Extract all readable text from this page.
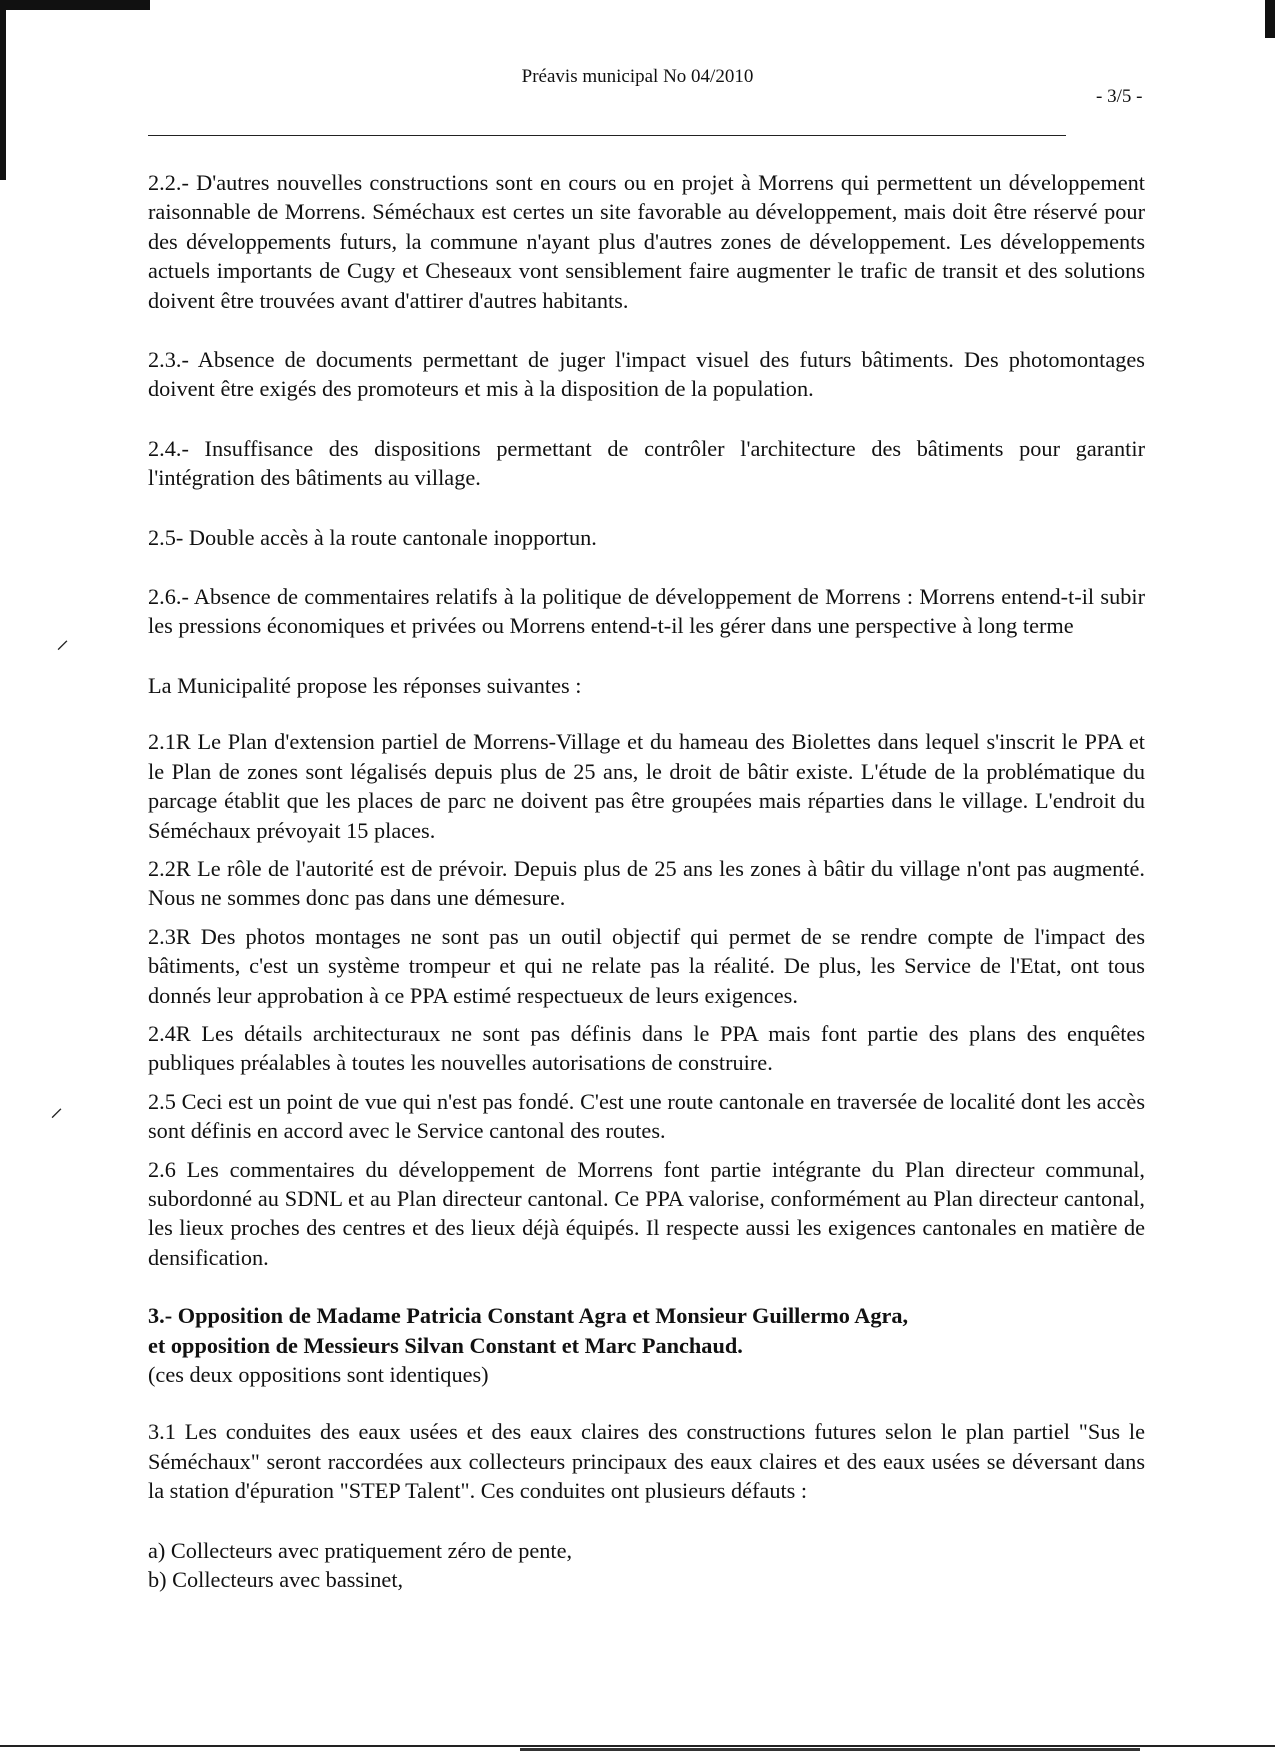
Préavis municipal No 04/2010
- 3/5 -
⸝
⸝

2.2.- D'autres nouvelles constructions sont en cours ou en projet à Morrens qui permettent un développement raisonnable de Morrens. Séméchaux est certes un site favorable au développement, mais doit être réservé pour des développements futurs, la commune n'ayant plus d'autres zones de développement. Les développements actuels importants de Cugy et Cheseaux vont sensiblement faire augmenter le trafic de transit et des solutions doivent être trouvées avant d'attirer d'autres habitants.

2.3.- Absence de documents permettant de juger l'impact visuel des futurs bâtiments. Des photomontages doivent être exigés des promoteurs et mis à la disposition de la population.

2.4.- Insuffisance des dispositions permettant de contrôler l'architecture des bâtiments pour garantir l'intégration des bâtiments au village.

2.5- Double accès à la route cantonale inopportun.

2.6.- Absence de commentaires relatifs à la politique de développement de Morrens : Morrens entend-t-il subir les pressions économiques et privées ou Morrens entend-t-il les gérer dans une perspective à long terme

La Municipalité propose les réponses suivantes :

2.1R Le Plan d'extension partiel de Morrens-Village et du hameau des Biolettes dans lequel s'inscrit le PPA et le Plan de zones sont légalisés depuis plus de 25 ans, le droit de bâtir existe. L'étude de la problématique du parcage établit que les places de parc ne doivent pas être groupées mais réparties dans le village. L'endroit du Séméchaux prévoyait 15 places.

2.2R Le rôle de l'autorité est de prévoir. Depuis plus de 25 ans les zones à bâtir du village n'ont pas augmenté. Nous ne sommes donc pas dans une démesure.

2.3R Des photos montages ne sont pas un outil objectif qui permet de se rendre compte de l'impact des bâtiments, c'est un système trompeur et qui ne relate pas la réalité. De plus, les Service de l'Etat, ont tous donnés leur approbation à ce PPA estimé respectueux de leurs exigences.

2.4R Les détails architecturaux ne sont pas définis dans le PPA mais font partie des plans des enquêtes publiques préalables à toutes les nouvelles autorisations de construire.

2.5 Ceci est un point de vue qui n'est pas fondé. C'est une route cantonale en traversée de localité dont les accès sont définis en accord avec le Service cantonal des routes.

2.6 Les commentaires du développement de Morrens font partie intégrante du Plan directeur communal, subordonné au SDNL et au Plan directeur cantonal. Ce PPA valorise, conformément au Plan directeur cantonal, les lieux proches des centres et des lieux déjà équipés. Il respecte aussi les exigences cantonales en matière de densification.

3.- Opposition de Madame Patricia Constant Agra et Monsieur Guillermo Agra,
et opposition de Messieurs Silvan Constant et Marc Panchaud.
(ces deux oppositions sont identiques)

3.1 Les conduites des eaux usées et des eaux claires des constructions futures selon le plan partiel "Sus le Séméchaux" seront raccordées aux collecteurs principaux des eaux claires et des eaux usées se déversant dans la station d'épuration "STEP Talent". Ces conduites ont plusieurs défauts :

a) Collecteurs avec pratiquement zéro de pente,

b) Collecteurs avec bassinet,
